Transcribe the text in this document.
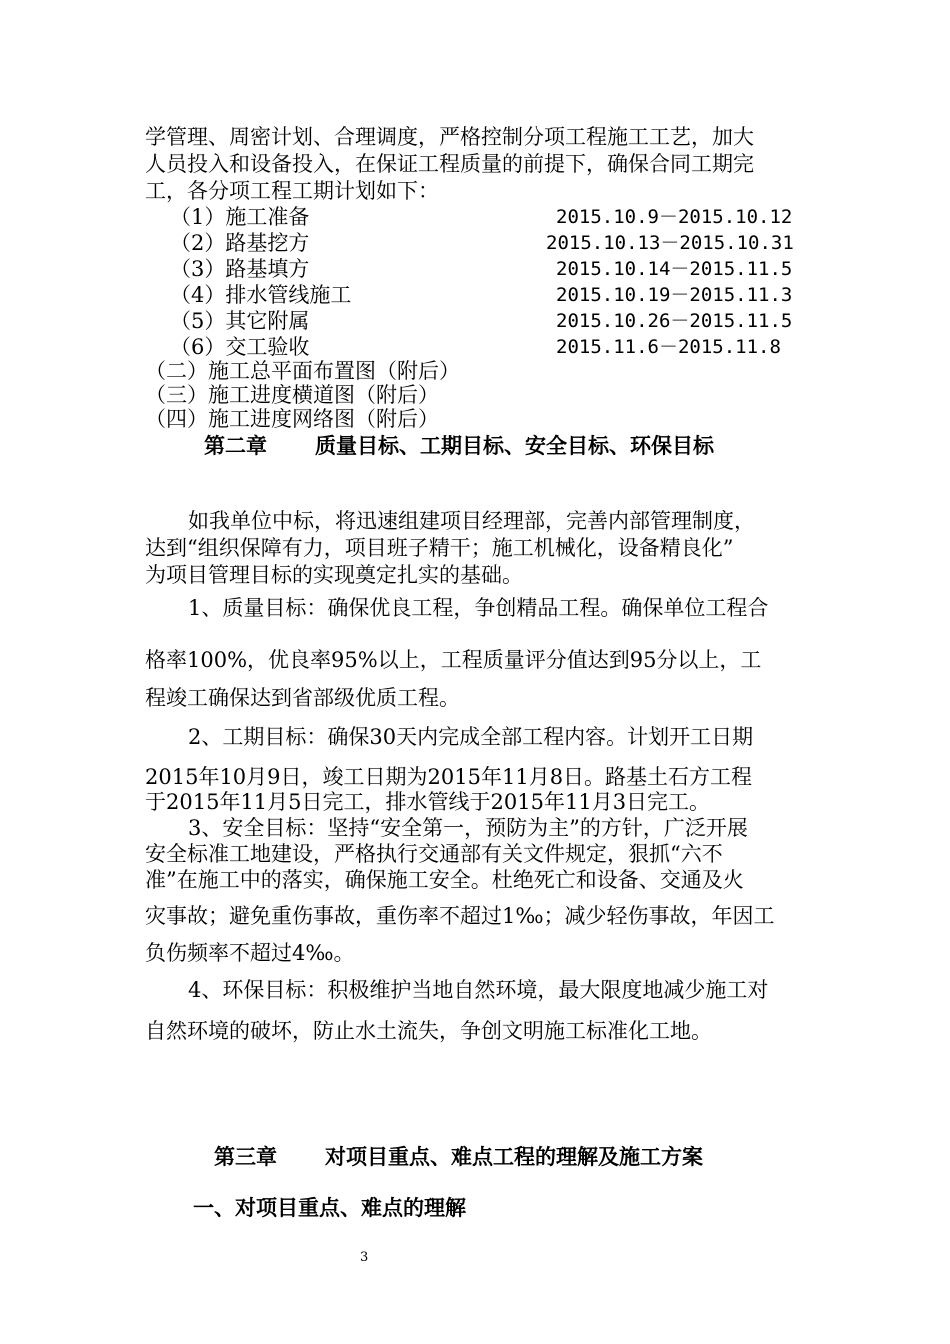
学管理、周密计划、合理调度，严格控制分项工程施工工艺，加大
人员投入和设备投入，在保证工程质量的前提下，确保合同工期完
工，各分项工程工期计划如下：
（1）施工准备	2015.10.9－2015.10.12
（2）路基挖方	2015.10.13－2015.10.31
（3）路基填方	2015.10.14－2015.11.5
（4）排水管线施工	2015.10.19－2015.11.3
（5）其它附属	2015.10.26－2015.11.5
（6）交工验收	2015.11.6－2015.11.8
（二）施工总平面布置图（附后）
（三）施工进度横道图（附后）
（四）施工进度网络图（附后）
第二章 质量目标、工期目标、安全目标、环保目标
如我单位中标，将迅速组建项目经理部，完善内部管理制度，
达到“组织保障有力，项目班子精干；施工机械化，设备精良化”
为项目管理目标的实现奠定扎实的基础。
1、质量目标：确保优良工程，争创精品工程。确保单位工程合
格率100%，优良率95%以上，工程质量评分值达到95分以上，工
程竣工确保达到省部级优质工程。
2、工期目标：确保30天内完成全部工程内容。计划开工日期
2015年10月9日，竣工日期为2015年11月8日。路基土石方工程
于2015年11月5日完工，排水管线于2015年11月3日完工。
3、安全目标：坚持“安全第一，预防为主”的方针，广泛开展
安全标准工地建设，严格执行交通部有关文件规定，狠抓“六不
准”在施工中的落实，确保施工安全。杜绝死亡和设备、交通及火
灾事故；避免重伤事故，重伤率不超过1‰；减少轻伤事故，年因工
负伤频率不超过4‰。
4、环保目标：积极维护当地自然环境，最大限度地减少施工对
自然环境的破坏，防止水土流失，争创文明施工标准化工地。
第三章 对项目重点、难点工程的理解及施工方案
一、对项目重点、难点的理解
3
